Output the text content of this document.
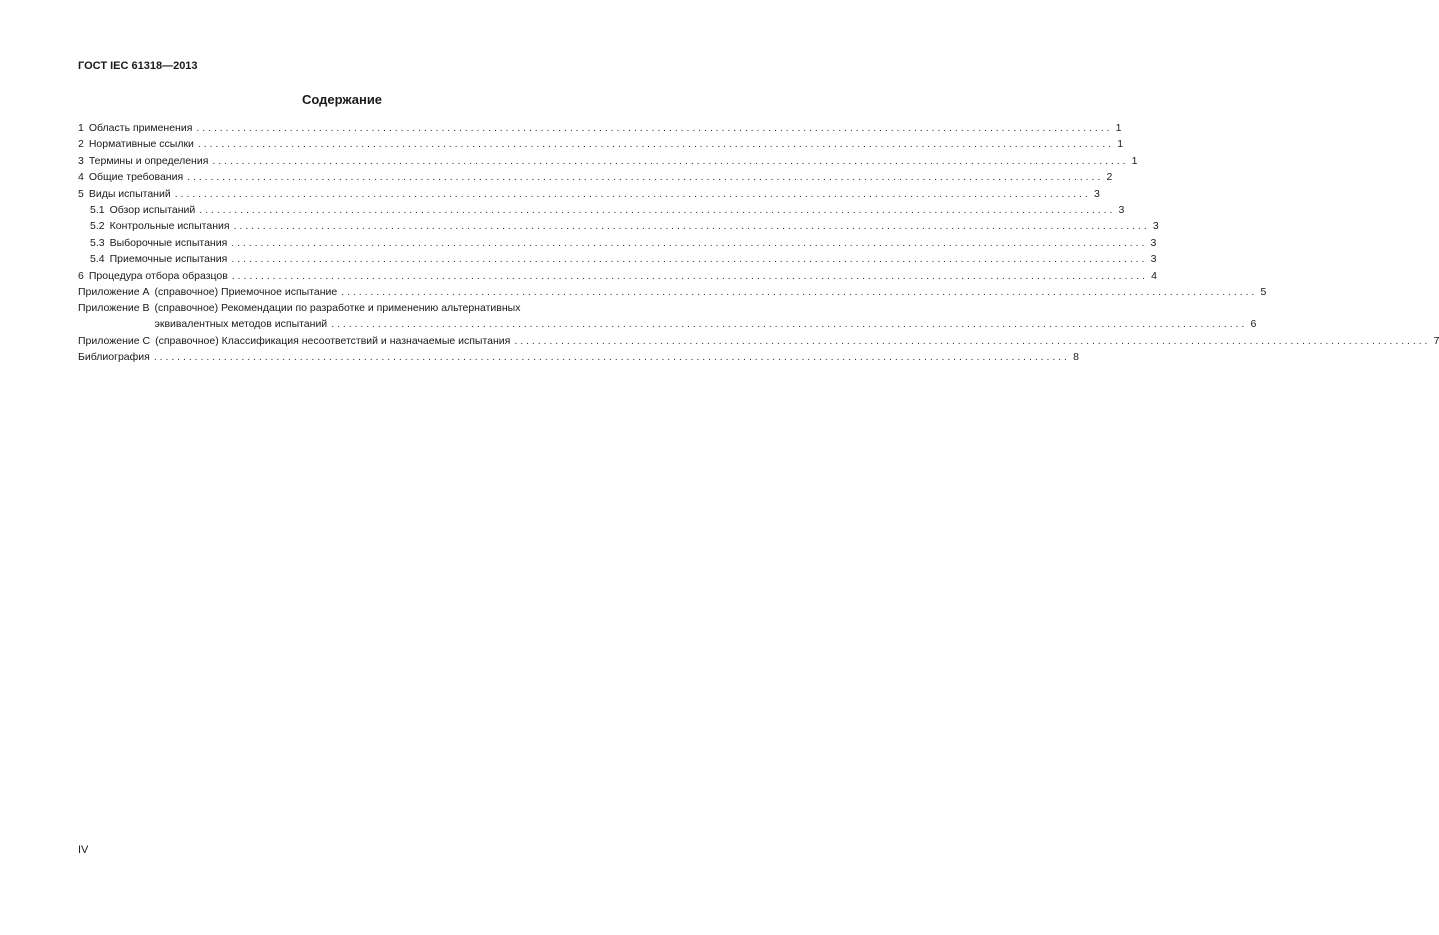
ГОСТ IEC 61318—2013
Содержание
1 Область применения . . .	1
2 Нормативные ссылки . . .	1
3 Термины и определения . . .	1
4 Общие требования . . .	2
5 Виды испытаний . . .	3
5.1 Обзор испытаний . . .	3
5.2 Контрольные испытания . . .	3
5.3 Выборочные испытания . . .	3
5.4 Приемочные испытания . . .	3
6 Процедура отбора образцов . . .	4
Приложение А (справочное) Приемочное испытание . . .	5
Приложение В (справочное) Рекомендации по разработке и применению альтернативных
эквивалентных методов испытаний . . .	6
Приложение С (справочное) Классификация несоответствий и назначаемые испытания . . .	7
Библиография . . .	8
IV
